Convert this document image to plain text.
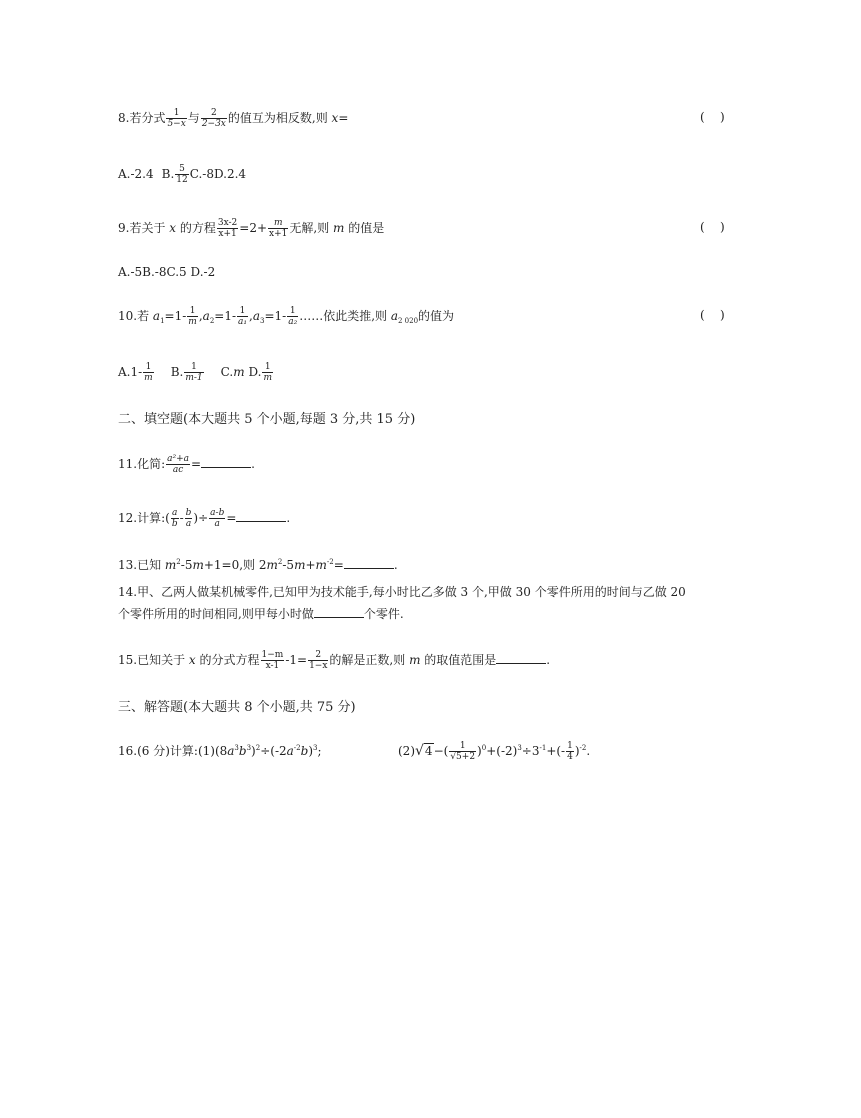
8.若分式 $\frac{1}{5-x}$ 与 $\frac{2}{2-3x}$ 的值互为相反数,则 x=	(    )
A.-2.4 B. $\frac{5}{12} C.-8D.2.4$
9.若关于 x 的方程 $\frac{3x-2}{x+1} =2+ \frac{m}{x+1}$ 无解,则 m 的值是	(    )
A.-5B.-8C.5 D.-2
10.若 $a_1=1- \frac{1}{m} ,a_2=1- \frac{1}{\text{a₁}} ,a_3=1- \frac{1}{\text{a₂}}$ ……依此类推,则 $a_{2 020}$的值为	(    )
$A.1- \frac{1}{m} B$. $\frac{1}{m-1} C.m$ D. $\frac{1}{m}$
二、填空题(本大题共 5 个小题,每题 3 分,共 15 分)
11.化简: $\frac{\text{a²+a}}{ac}$ =	.
12.计算:( $\frac{a}{b} - \frac{b}{a}$ )÷ $\frac{a-b}{a}$ =	.
13.已知 $m^2-5m+1=0$,则 $2m^2-5m+m^{-2}=$	.
14.甲、乙两人做某机械零件,已知甲为技术能手,每小时比乙多做 3 个,甲做 30 个零件所用的时间与乙做 20
个零件所用的时间相同,则甲每小时做	个零件.
15.已知关于 x 的分式方程 $\frac{1-m}{x-1} -1= \frac{2}{1-x}$ 的解是正数,则 m 的取值范围是	.
三、解答题(本大题共 8 个小题,共 75 分)
16.(6 分)计算$:(1)(8a^3b^3)^2\div(-2a^{-2}b)^3$;	$(2)√4-( \frac{1}{√5+2} )^0+(-2)^3\div 3^{-1}+(- \frac{1}{4} )^{-2}$.
